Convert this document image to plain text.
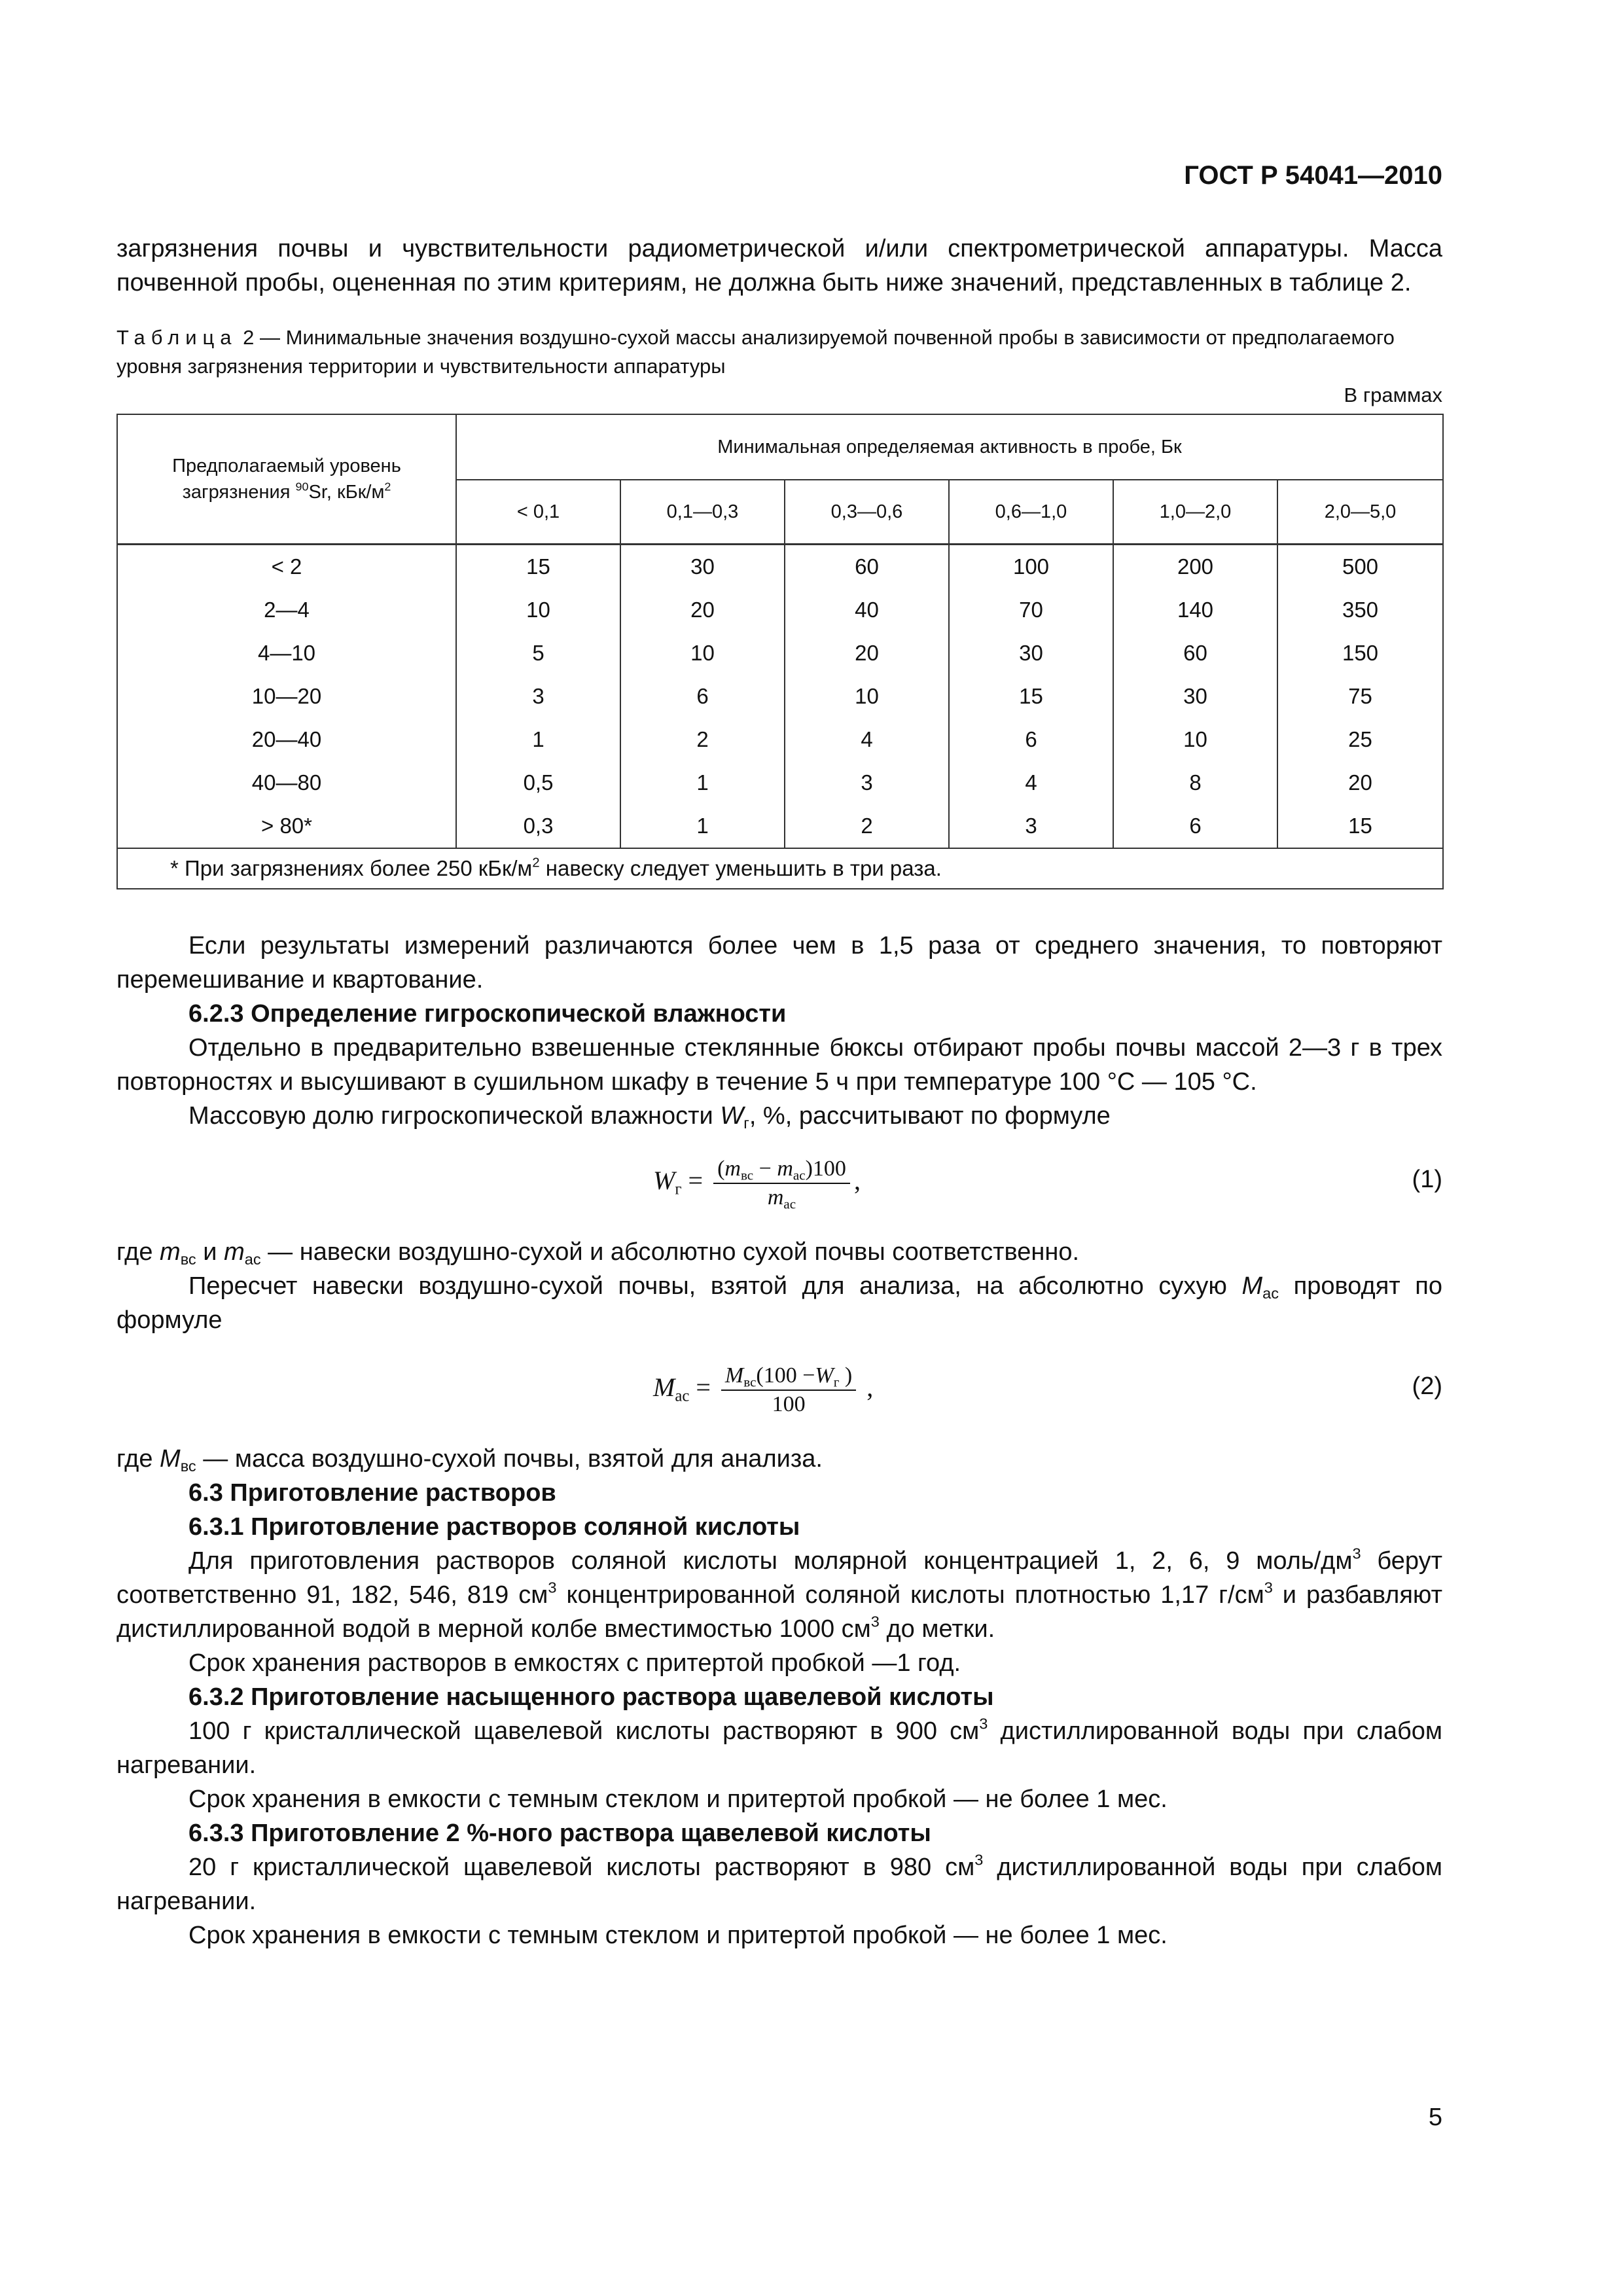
ГОСТ Р 54041—2010

загрязнения почвы и чувствительности радиометрической и/или спектрометрической аппаратуры. Масса почвенной пробы, оцененная по этим критериям, не должна быть ниже значений, представленных в таблице 2.

Таблица 2 — Минимальные значения воздушно-сухой массы анализируемой почвенной пробы в зависимости от предполагаемого уровня загрязнения территории и чувствительности аппаратуры

В граммах

Предполагаемый уровень
загрязнения $^{90}$Sr, кБк/$м^2$	Минимальная определяемая активность в пробе, Бк					
	< 0,1	0,1—0,3	0,3—0,6	0,6—1,0	1,0—2,0	2,0—5,0
< 2	15	30	60	100	200	500
2—4	10	20	40	70	140	350
4—10	5	10	20	30	60	150
10—20	3	6	10	15	30	75
20—40	1	2	4	6	10	25
40—80	0,5	1	3	4	8	20
> 80*	0,3	1	2	3	6	15
* При загрязнениях более 250 кБк/$м^2$ навеску следует уменьшить в три раза.						

Если результаты измерений различаются более чем в 1,5 раза от среднего значения, то повторяют перемешивание и квартование.

6.2.3 Определение гигроскопической влажности

Отдельно в предварительно взвешенные стеклянные бюксы отбирают пробы почвы массой 2—3 г в трех повторностях и высушивают в сушильном шкафу в течение 5 ч при температуре 100 °С — 105 °С.

Массовую долю гигроскопической влажности $W_г$, %, рассчитывают по формуле

$W_г = \frac{(m_{вс} - m_{ас})100}{m_{ас}}$ ,	(1)

где $m_{вс}$ и $m_{ас}$ — навески воздушно-сухой и абсолютно сухой почвы соответственно.

Пересчет навески воздушно-сухой почвы, взятой для анализа, на абсолютно сухую $M_{ас}$ проводят по формуле

$M_{ас} = \frac{M_{вс}(100 -W_г )}{100}$ ,	(2)

где $M_{вс}$ — масса воздушно-сухой почвы, взятой для анализа.

6.3 Приготовление растворов

6.3.1 Приготовление растворов соляной кислоты

Для приготовления растворов соляной кислоты молярной концентрацией 1, 2, 6, 9 моль/$дм^3$ берут соответственно 91, 182, 546, 819 $см^3$ концентрированной соляной кислоты плотностью 1,17 $г/см^3$ и разбавляют дистиллированной водой в мерной колбе вместимостью 1000 $см^3$ до метки.

Срок хранения растворов в емкостях с притертой пробкой —1 год.

6.3.2 Приготовление насыщенного раствора щавелевой кислоты

100 г кристаллической щавелевой кислоты растворяют в 900 $см^3$ дистиллированной воды при слабом нагревании.

Срок хранения в емкости с темным стеклом и притертой пробкой — не более 1 мес.

6.3.3 Приготовление 2 %-ного раствора щавелевой кислоты

20 г кристаллической щавелевой кислоты растворяют в 980 $см^3$ дистиллированной воды при слабом нагревании.

Срок хранения в емкости с темным стеклом и притертой пробкой — не более 1 мес.

5
